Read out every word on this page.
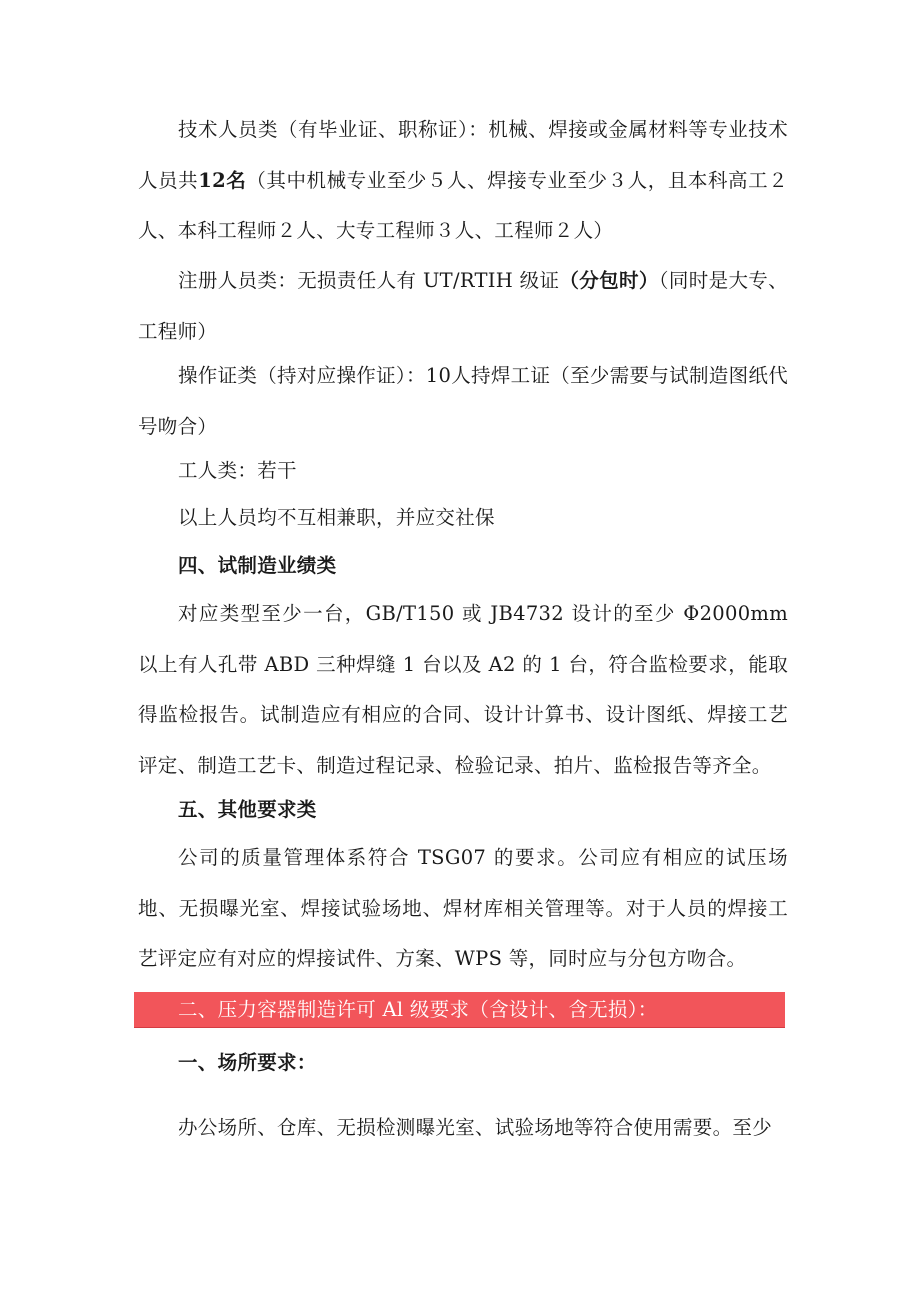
技术人员类（有毕业证、职称证）：机械、焊接或金属材料等专业技术人员共12名（其中机械专业至少５人、焊接专业至少３人，且本科高工２人、本科工程师２人、大专工程师３人、工程师２人）

注册人员类：无损责任人有 UT/RTIH 级证（分包时）（同时是大专、工程师）

操作证类（持对应操作证）：10人持焊工证（至少需要与试制造图纸代号吻合）

工人类：若干

以上人员均不互相兼职，并应交社保

四、试制造业绩类

对应类型至少一台，GB/T150 或 JB4732 设计的至少 Φ2000mm 以上有人孔带 ABD 三种焊缝 1 台以及 A2 的 1 台，符合监检要求，能取得监检报告。试制造应有相应的合同、设计计算书、设计图纸、焊接工艺评定、制造工艺卡、制造过程记录、检验记录、拍片、监检报告等齐全。

五、其他要求类

公司的质量管理体系符合 TSG07 的要求。公司应有相应的试压场地、无损曝光室、焊接试验场地、焊材库相关管理等。对于人员的焊接工艺评定应有对应的焊接试件、方案、WPS 等，同时应与分包方吻合。

二、压力容器制造许可 Al 级要求（含设计、含无损）：

一、场所要求：

办公场所、仓库、无损检测曝光室、试验场地等符合使用需要。至少
